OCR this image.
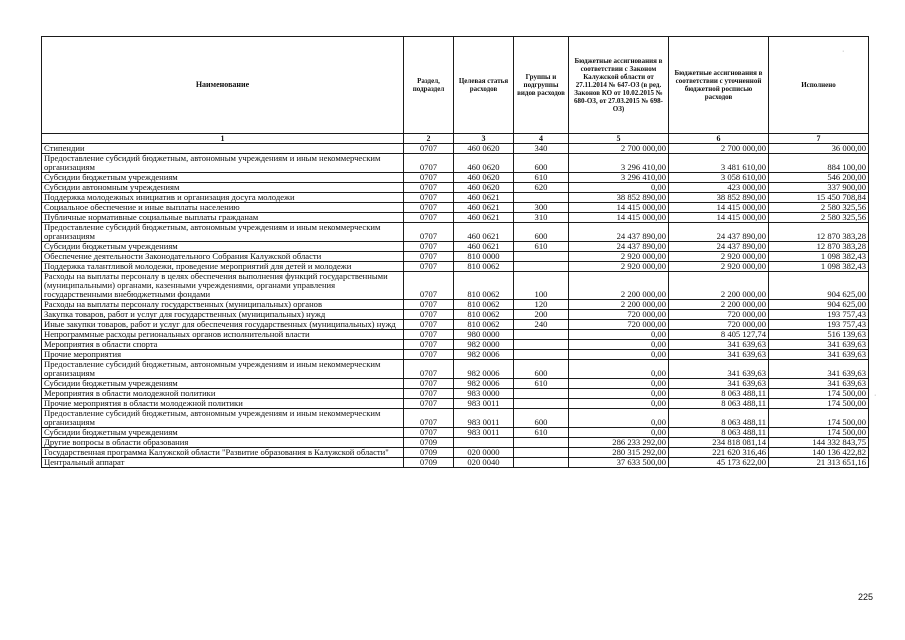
Наименование	Раздел, подраздел	Целевая статья расходов	Группы и подгруппы видов расходов	Бюджетные ассигнования в соответствии с Законом Калужской области от 27.11.2014 № 647-ОЗ (в ред. Законов КО от 10.02.2015 № 680-ОЗ, от 27.03.2015 № 698-ОЗ)	Бюджетные ассигнования в соответствии с уточненной бюджетной росписью расходов	Исполнено
1	2	3	4	5	6	7
Стипендии	0707	460 0620	340	2 700 000,00	2 700 000,00	36 000,00
Предоставление субсидий бюджетным, автономным учреждениям и иным некоммерческим организациям	0707	460 0620	600	3 296 410,00	3 481 610,00	884 100,00
Субсидии бюджетным учреждениям	0707	460 0620	610	3 296 410,00	3 058 610,00	546 200,00
Субсидии автономным учреждениям	0707	460 0620	620	0,00	423 000,00	337 900,00
Поддержка молодежных инициатив и организация досуга молодежи	0707	460 0621		38 852 890,00	38 852 890,00	15 450 708,84
Социальное обеспечение и иные выплаты населению	0707	460 0621	300	14 415 000,00	14 415 000,00	2 580 325,56
Публичные нормативные социальные выплаты гражданам	0707	460 0621	310	14 415 000,00	14 415 000,00	2 580 325,56
Предоставление субсидий бюджетным, автономным учреждениям и иным некоммерческим организациям	0707	460 0621	600	24 437 890,00	24 437 890,00	12 870 383,28
Субсидии бюджетным учреждениям	0707	460 0621	610	24 437 890,00	24 437 890,00	12 870 383,28
Обеспечение деятельности Законодательного Собрания Калужской области	0707	810 0000		2 920 000,00	2 920 000,00	1 098 382,43
Поддержка талантливой молодежи, проведение мероприятий для детей и молодежи	0707	810 0062		2 920 000,00	2 920 000,00	1 098 382,43
Расходы на выплаты персоналу в целях обеспечения выполнения функций государственными (муниципальными) органами, казенными учреждениями, органами управления государственными внебюджетными фондами	0707	810 0062	100	2 200 000,00	2 200 000,00	904 625,00
Расходы на выплаты персоналу государственных (муниципальных) органов	0707	810 0062	120	2 200 000,00	2 200 000,00	904 625,00
Закупка товаров, работ и услуг для государственных (муниципальных) нужд	0707	810 0062	200	720 000,00	720 000,00	193 757,43
Иные закупки товаров, работ и услуг для обеспечения государственных (муниципальных) нужд	0707	810 0062	240	720 000,00	720 000,00	193 757,43
Непрограммные расходы региональных органов исполнительной власти	0707	980 0000		0,00	8 405 127,74	516 139,63
Мероприятия в области спорта	0707	982 0000		0,00	341 639,63	341 639,63
Прочие мероприятия	0707	982 0006		0,00	341 639,63	341 639,63
Предоставление субсидий бюджетным, автономным учреждениям и иным некоммерческим организациям	0707	982 0006	600	0,00	341 639,63	341 639,63
Субсидии бюджетным учреждениям	0707	982 0006	610	0,00	341 639,63	341 639,63
Мероприятия в области молодежной политики	0707	983 0000		0,00	8 063 488,11	174 500,00
Прочие мероприятия в области молодежной политики	0707	983 0011		0,00	8 063 488,11	174 500,00
Предоставление субсидий бюджетным, автономным учреждениям и иным некоммерческим организациям	0707	983 0011	600	0,00	8 063 488,11	174 500,00
Субсидии бюджетным учреждениям	0707	983 0011	610	0,00	8 063 488,11	174 500,00
Другие вопросы в области образования	0709			286 233 292,00	234 818 081,14	144 332 843,75
Государственная программа Калужской области "Развитие образования в Калужской области"	0709	020 0000		280 315 292,00	221 620 316,46	140 136 422,82
Центральный аппарат	0709	020 0040		37 633 500,00	45 173 622,00	21 313 651,16
225
·
·
